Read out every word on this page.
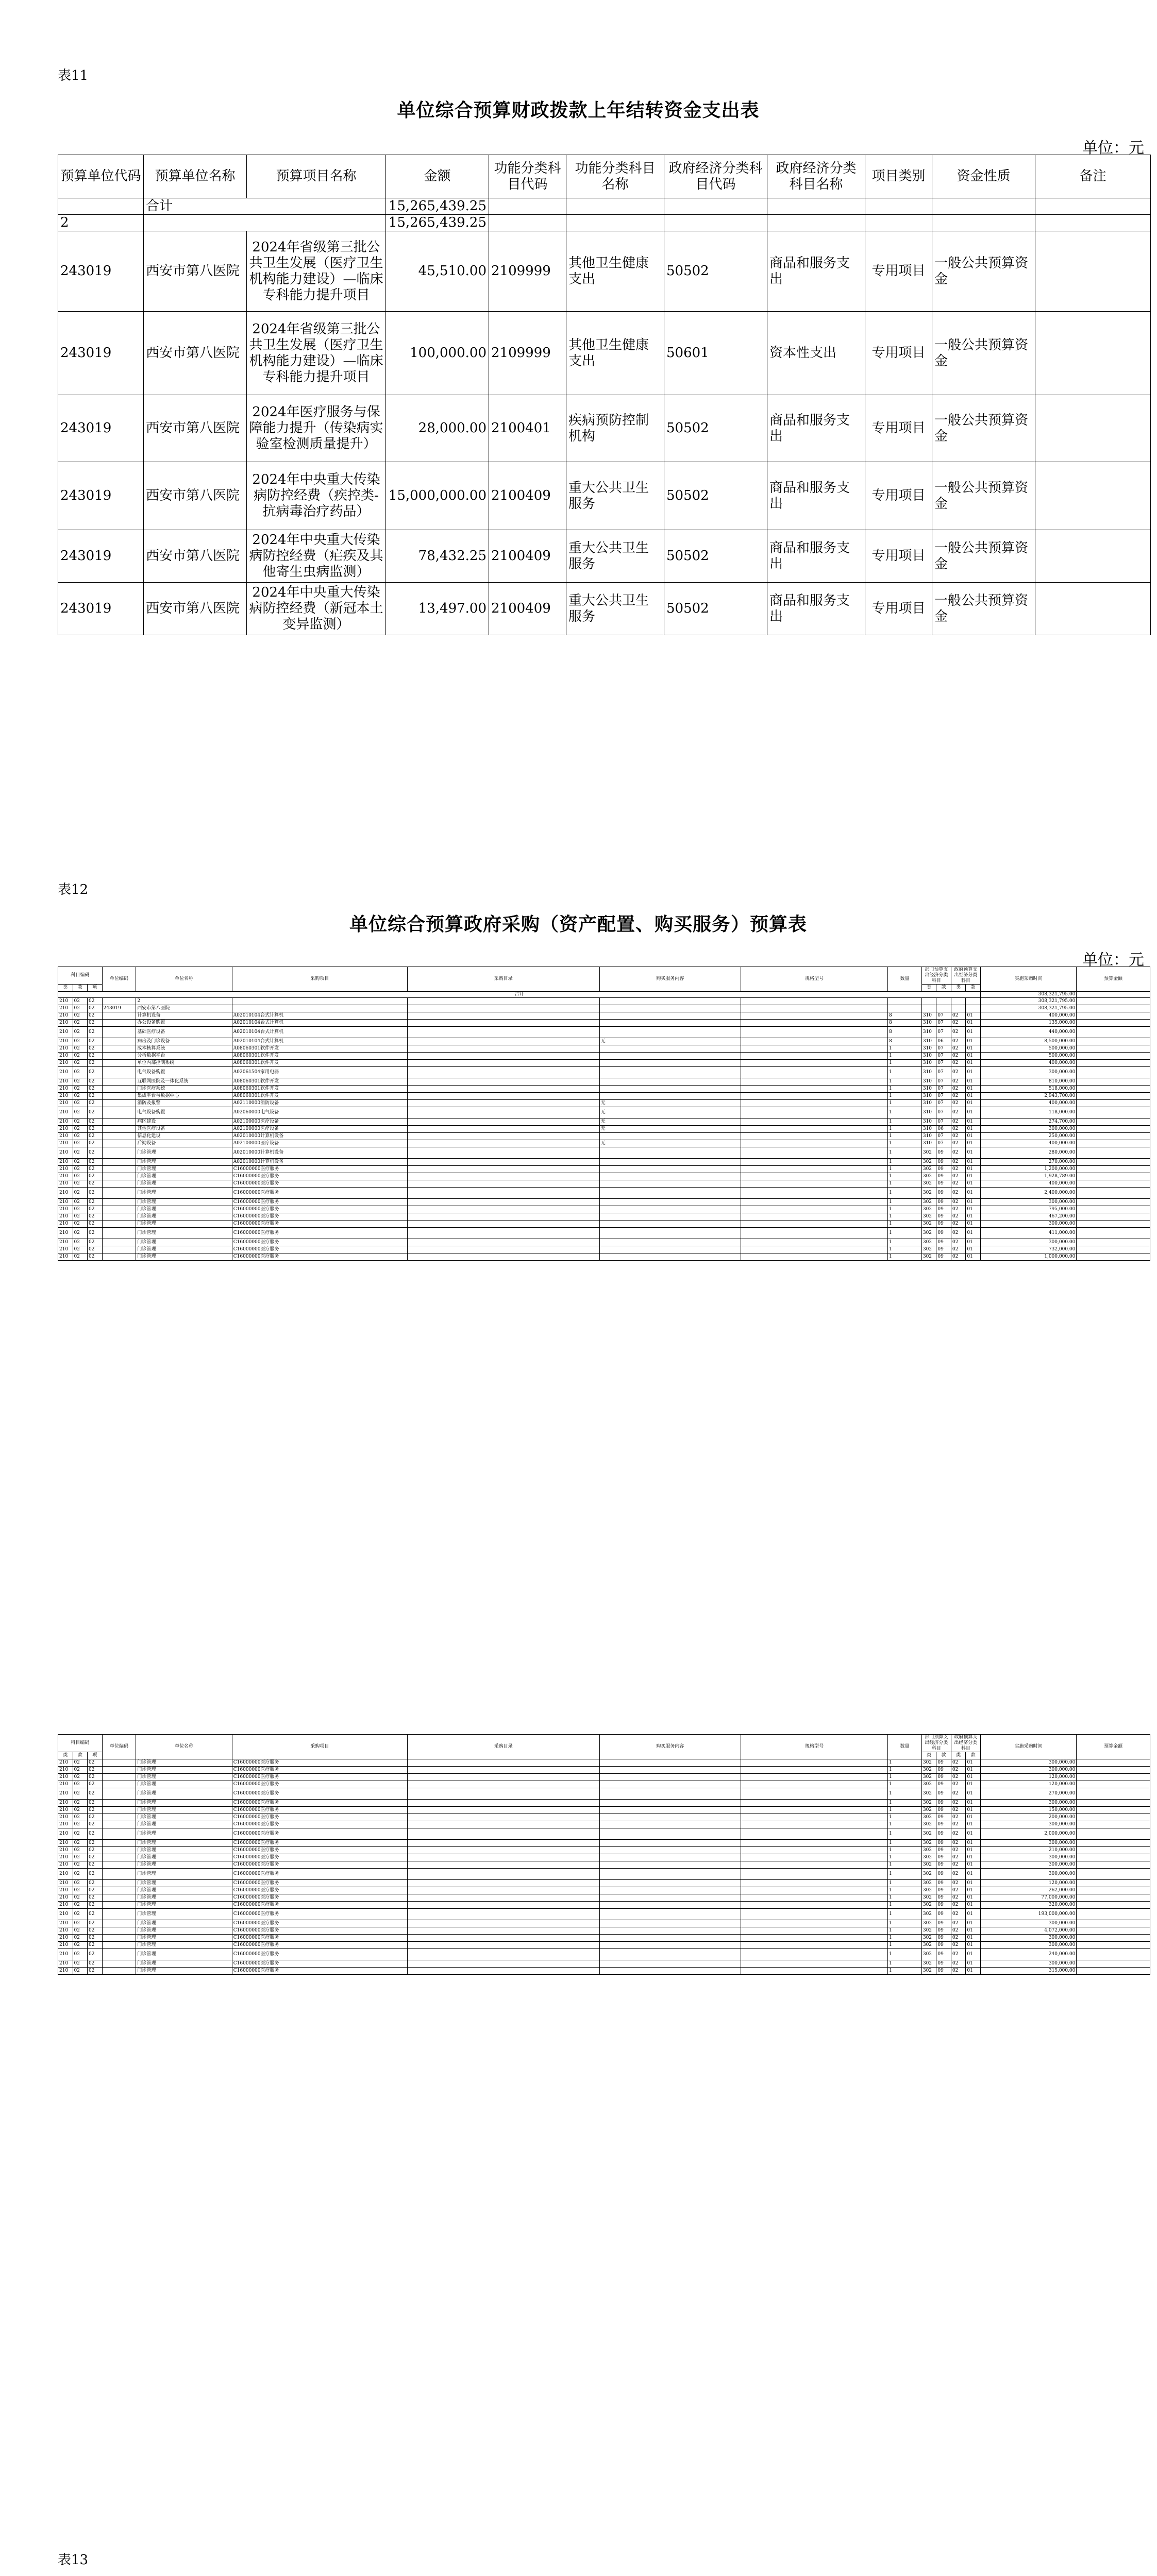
表11
单位综合预算财政拨款上年结转资金支出表
单位：元
预算单位代码	预算单位名称	预算项目名称	金额	功能分类科目代码	功能分类科目名称	政府经济分类科目代码	政府经济分类科目名称	项目类别	资金性质	备注
	合计		15,265,439.25							
2			15,265,439.25							
243019	西安市第八医院	2024年省级第三批公共卫生发展（医疗卫生机构能力建设）—临床专科能力提升项目	45,510.00	2109999	其他卫生健康支出	50502	商品和服务支出	专用项目	一般公共预算资金	
243019	西安市第八医院	2024年省级第三批公共卫生发展（医疗卫生机构能力建设）—临床专科能力提升项目	100,000.00	2109999	其他卫生健康支出	50601	资本性支出	专用项目	一般公共预算资金	
243019	西安市第八医院	2024年医疗服务与保障能力提升（传染病实验室检测质量提升）	28,000.00	2100401	疾病预防控制机构	50502	商品和服务支出	专用项目	一般公共预算资金	
243019	西安市第八医院	2024年中央重大传染病防控经费（疾控类-抗病毒治疗药品）	15,000,000.00	2100409	重大公共卫生服务	50502	商品和服务支出	专用项目	一般公共预算资金	
243019	西安市第八医院	2024年中央重大传染病防控经费（疟疾及其他寄生虫病监测）	78,432.25	2100409	重大公共卫生服务	50502	商品和服务支出	专用项目	一般公共预算资金	
243019	西安市第八医院	2024年中央重大传染病防控经费（新冠本土变异监测）	13,497.00	2100409	重大公共卫生服务	50502	商品和服务支出	专用项目	一般公共预算资金	
表12
单位综合预算政府采购（资产配置、购买服务）预算表
单位：元
科目编码			单位编码	单位名称	采购项目	采购目录	购买服务内容	规格型号	数量	部门预算支出经济分类科目		政府预算支出经济分类科目		实施采购时间	预算金额	
类	款	项								类	款	类	款			
合计														308,321,795.00		
210	02	02		2										308,321,795.00		
210	02	02	243019	西安市第八医院										308,321,795.00		
210	02	02		计算机设备	A02010104台式计算机				8	310	07	02	01	400,000.00		
210	02	02		办公设备购置	A02010104台式计算机				8	310	07	02	01	135,000.00		
210	02	02		基础医疗设备	A02010104台式计算机				8	310	07	02	01	440,000.00		
210	02	02		病房及门诊设备	A02010104台式计算机		无		8	310	06	02	01	8,500,000.00		
210	02	02		成本核算系统	A08060301软件开发				1	310	07	02	01	500,000.00		
210	02	02		分析数据平台	A08060301软件开发				1	310	07	02	01	500,000.00		
210	02	02		单位内部控制系统	A08060301软件开发				1	310	07	02	01	400,000.00		
210	02	02		电气设备购置	A02061504家用电器				1	310	07	02	01	300,000.00		
210	02	02		互联网医院及一体化系统	A08060301软件开发				1	310	07	02	01	810,000.00		
210	02	02		门诊医疗系统	A08060301软件开发				1	310	07	02	01	518,000.00		
210	02	02		集成平台与数据中心	A08060301软件开发				1	310	07	02	01	2,943,700.00		
210	02	02		消防及报警	A02110000消防设备		无		1	310	07	02	01	400,000.00		
210	02	02		电气设备购置	A02060000电气设备		无		1	310	07	02	01	118,000.00		
210	02	02		病区建设	A02100000医疗设备		无		1	310	07	02	01	274,700.00		
210	02	02		其他医疗设备	A02100000医疗设备		无		1	310	06	02	01	300,000.00		
210	02	02		信息化建设	A02010000计算机设备				1	310	07	02	01	250,000.00		
210	02	02		后勤设备	A02100000医疗设备		无		1	310	07	02	01	400,000.00		
210	02	02		门诊管理	A02010000计算机设备				1	302	09	02	01	280,000.00		
210	02	02		门诊管理	A02010000计算机设备				1	302	09	02	01	270,000.00		
210	02	02		门诊管理	C16000000医疗服务				1	302	09	02	01	1,200,000.00		
210	02	02		门诊管理	C16000000医疗服务				1	302	09	02	01	1,928,789.00		
210	02	02		门诊管理	C16000000医疗服务				1	302	09	02	01	400,000.00		
210	02	02		门诊管理	C16000000医疗服务				1	302	09	02	01	2,400,000.00		
210	02	02		门诊管理	C16000000医疗服务				1	302	09	02	01	300,000.00		
210	02	02		门诊管理	C16000000医疗服务				1	302	09	02	01	795,000.00		
210	02	02		门诊管理	C16000000医疗服务				1	302	09	02	01	467,200.00		
210	02	02		门诊管理	C16000000医疗服务				1	302	09	02	01	300,000.00		
210	02	02		门诊管理	C16000000医疗服务				1	302	09	02	01	411,000.00		
210	02	02		门诊管理	C16000000医疗服务				1	302	09	02	01	300,000.00		
210	02	02		门诊管理	C16000000医疗服务				1	302	09	02	01	732,000.00		
210	02	02		门诊管理	C16000000医疗服务				1	302	09	02	01	1,000,000.00		
科目编码			单位编码	单位名称	采购项目	采购目录	购买服务内容	规格型号	数量	部门预算支出经济分类科目		政府预算支出经济分类科目		实施采购时间	预算金额	
类	款	项								类	款	类	款			
210	02	02		门诊管理	C16000000医疗服务				1	302	09	02	01	300,000.00		
210	02	02		门诊管理	C16000000医疗服务				1	302	09	02	01	300,000.00		
210	02	02		门诊管理	C16000000医疗服务				1	302	09	02	01	120,000.00		
210	02	02		门诊管理	C16000000医疗服务				1	302	09	02	01	120,000.00		
210	02	02		门诊管理	C16000000医疗服务				1	302	09	02	01	270,000.00		
210	02	02		门诊管理	C16000000医疗服务				1	302	09	02	01	300,000.00		
210	02	02		门诊管理	C16000000医疗服务				1	302	09	02	01	150,000.00		
210	02	02		门诊管理	C16000000医疗服务				1	302	09	02	01	200,000.00		
210	02	02		门诊管理	C16000000医疗服务				1	302	09	02	01	300,000.00		
210	02	02		门诊管理	C16000000医疗服务				1	302	09	02	01	2,000,000.00		
210	02	02		门诊管理	C16000000医疗服务				1	302	09	02	01	300,000.00		
210	02	02		门诊管理	C16000000医疗服务				1	302	09	02	01	210,000.00		
210	02	02		门诊管理	C16000000医疗服务				1	302	09	02	01	300,000.00		
210	02	02		门诊管理	C16000000医疗服务				1	302	09	02	01	300,000.00		
210	02	02		门诊管理	C16000000医疗服务				1	302	09	02	01	300,000.00		
210	02	02		门诊管理	C16000000医疗服务				1	302	09	02	01	120,000.00		
210	02	02		门诊管理	C16000000医疗服务				1	302	09	02	01	262,000.00		
210	02	02		门诊管理	C16000000医疗服务				1	302	09	02	01	77,000,000.00		
210	02	02		门诊管理	C16000000医疗服务				1	302	09	02	01	320,000.00		
210	02	02		门诊管理	C16000000医疗服务				1	302	09	02	01	193,000,000.00		
210	02	02		门诊管理	C16000000医疗服务				1	302	09	02	01	300,000.00		
210	02	02		门诊管理	C16000000医疗服务				1	302	09	02	01	4,072,000.00		
210	02	02		门诊管理	C16000000医疗服务				1	302	09	02	01	300,000.00		
210	02	02		门诊管理	C16000000医疗服务				1	302	09	02	01	300,000.00		
210	02	02		门诊管理	C16000000医疗服务				1	302	09	02	01	240,000.00		
210	02	02		门诊管理	C16000000医疗服务				1	302	09	02	01	300,000.00		
210	02	02		门诊管理	C16000000医疗服务				1	302	09	02	01	315,000.00		
表13
